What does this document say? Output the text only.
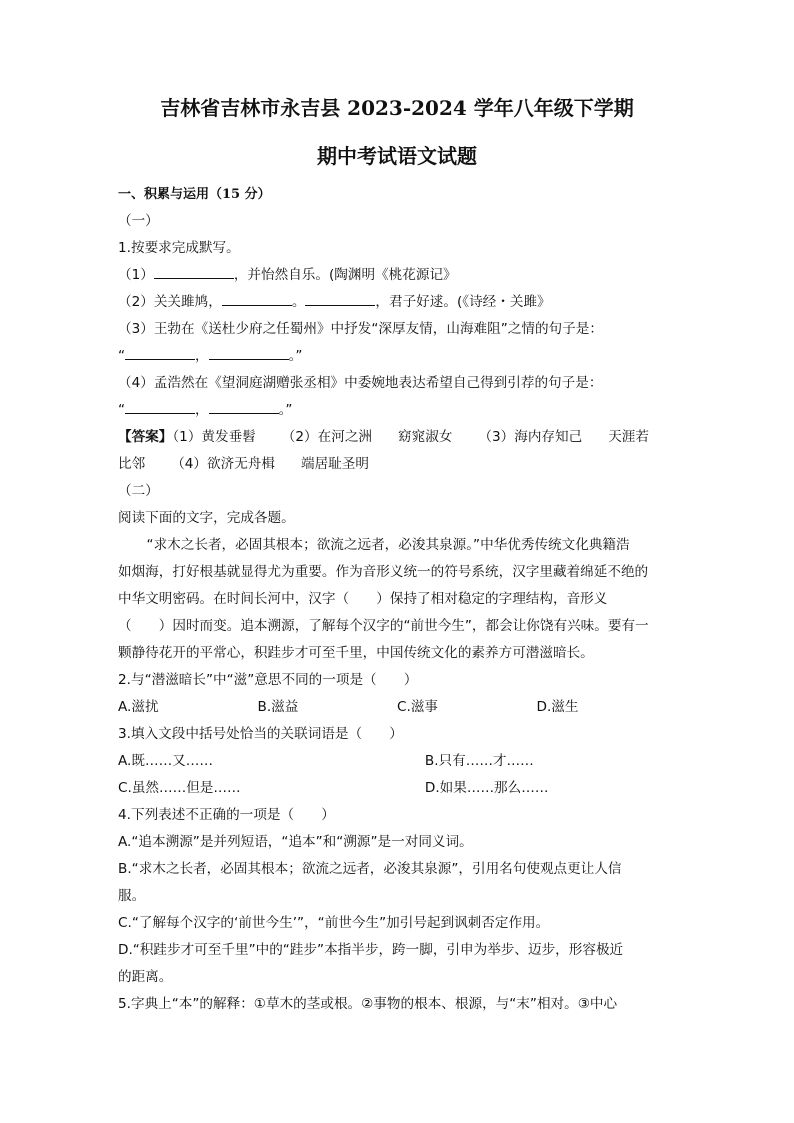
吉林省吉林市永吉县 2023-2024 学年八年级下学期
期中考试语文试题
一、积累与运用（15 分）
（一）
1.按要求完成默写。
（1）	，并怡然自乐。(陶渊明《桃花源记》
（2）关关雎鸠，	。	，君子好逑。(《诗经・关雎》
（3）王勃在《送杜少府之任蜀州》中抒发“深厚友情，山海难阻”之情的句子是：
“	，	。”
（4）孟浩然在《望洞庭湖赠张丞相》中委婉地表达希望自己得到引荐的句子是：
“	，	。”
【答案】（1）黄发垂髫 （2）在河之洲 窈窕淑女 （3）海内存知己 天涯若
比邻 （4）欲济无舟楫 端居耻圣明
（二）
阅读下面的文字，完成各题。
“求木之长者，必固其根本；欲流之远者，必浚其泉源。”中华优秀传统文化典籍浩
如烟海，打好根基就显得尤为重要。作为音形义统一的符号系统，汉字里藏着绵延不绝的
中华文明密码。在时间长河中，汉字（　　）保持了相对稳定的字理结构，音形义
（　　）因时而变。追本溯源，了解每个汉字的“前世今生”，都会让你饶有兴味。要有一
颗静待花开的平常心，积跬步才可至千里，中国传统文化的素养方可潜滋暗长。
2.与“潜滋暗长”中“滋”意思不同的一项是（　　）
A.滋扰	B.滋益	C.滋事	D.滋生
3.填入文段中括号处恰当的关联词语是（　　）
A.既……又……	B.只有……才……
C.虽然……但是……	D.如果……那么……
4.下列表述不正确的一项是（　　）
A.“追本溯源”是并列短语，“追本”和“溯源”是一对同义词。
B.“求木之长者，必固其根本；欲流之远者，必浚其泉源”，引用名句使观点更让人信
服。
C.“了解每个汉字的‘前世今生’”，“前世今生”加引号起到讽刺否定作用。
D.“积跬步才可至千里”中的“跬步”本指半步，跨一脚，引申为举步、迈步，形容极近
的距离。
5.字典上“本”的解释：①草木的茎或根。②事物的根本、根源，与“末”相对。③中心
